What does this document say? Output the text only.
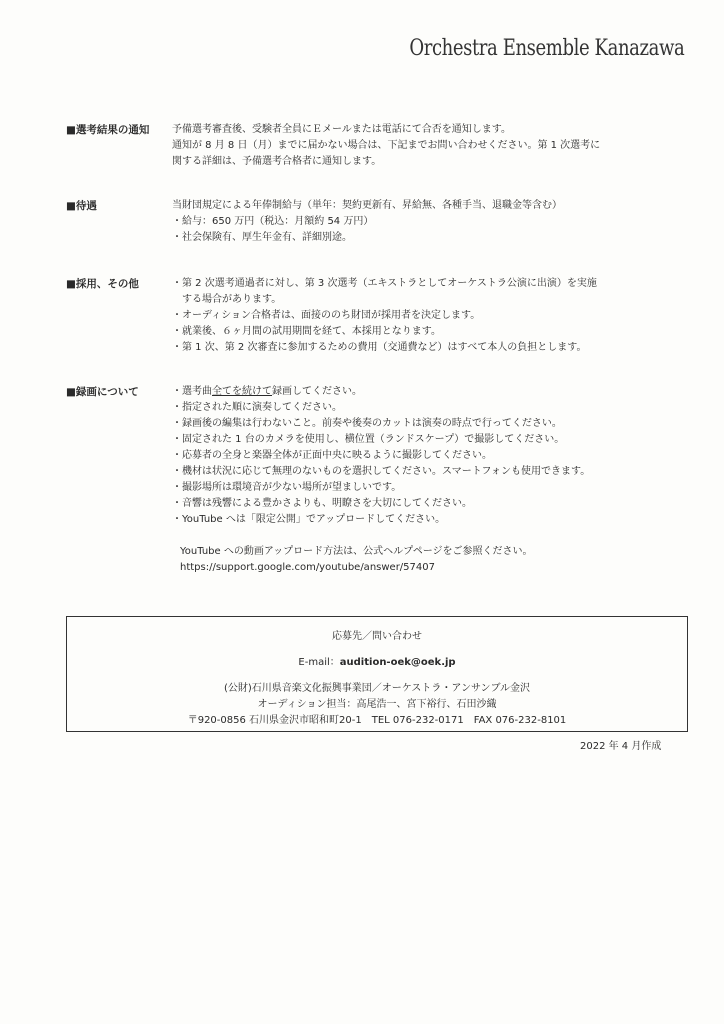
Orchestra Ensemble Kanazawa
■選考結果の通知 予備選考審査後、受験者全員にＥメールまたは電話にて合否を通知します。
通知が 8 月 8 日（月）までに届かない場合は、下記までお問い合わせください。第 1 次選考に
関する詳細は、予備選考合格者に通知します。
■待遇	当財団規定による年俸制給与（単年：契約更新有、昇給無、各種手当、退職金等含む）
・給与：650 万円（税込：月額約 54 万円）
・社会保険有、厚生年金有、詳細別途。
■採用、その他	・第 2 次選考通過者に対し、第 3 次選考（エキストラとしてオーケストラ公演に出演）を実施
　する場合があります。
・オーディション合格者は、面接ののち財団が採用者を決定します。
・就業後、６ヶ月間の試用期間を経て、本採用となります。
・第 1 次、第 2 次審査に参加するための費用（交通費など）はすべて本人の負担とします。
■録画について	・選考曲全てを続けて録画してください。
・指定された順に演奏してください。
・録画後の編集は行わないこと。前奏や後奏のカットは演奏の時点で行ってください。
・固定された 1 台のカメラを使用し、横位置（ランドスケープ）で撮影してください。
・応募者の全身と楽器全体が正面中央に映るように撮影してください。
・機材は状況に応じて無理のないものを選択してください。スマートフォンも使用できます。
・撮影場所は環境音が少ない場所が望ましいです。
・音響は残響による豊かさよりも、明瞭さを大切にしてください。
・YouTube へは「限定公開」でアップロードしてください。
YouTube への動画アップロード方法は、公式ヘルプページをご参照ください。
https://support.google.com/youtube/answer/57407
応募先／問い合わせ
E-mail：audition-oek@oek.jp
(公財)石川県音楽文化振興事業団／オーケストラ・アンサンブル金沢
オーディション担当：高尾浩一、宮下裕行、石田沙織
〒920-0856 石川県金沢市昭和町20-1　TEL 076-232-0171　FAX 076-232-8101
2022 年 4 月作成
